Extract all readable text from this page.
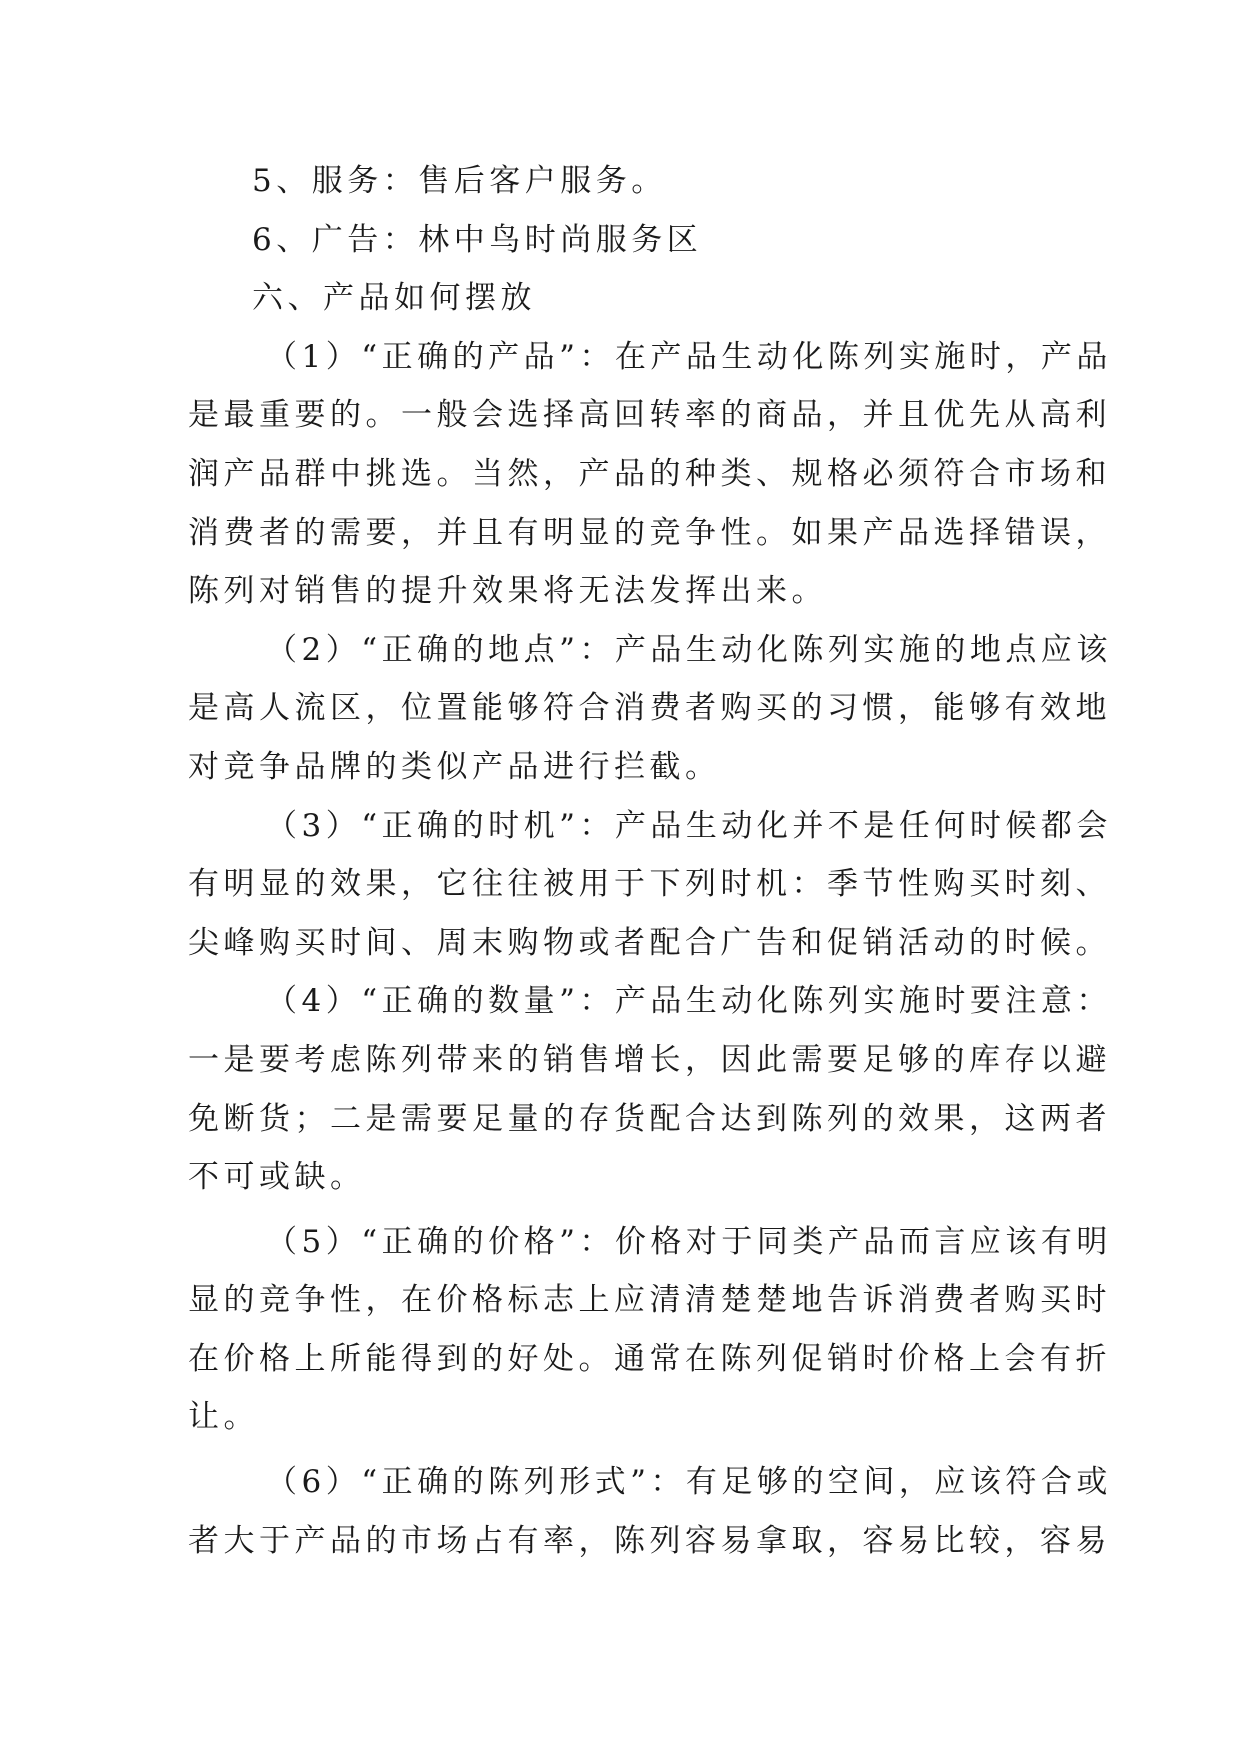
5、服务：售后客户服务。
6、广告：林中鸟时尚服务区
六、产品如何摆放
（1）“正确的产品”：在产品生动化陈列实施时，产品
是最重要的。一般会选择高回转率的商品，并且优先从高利
润产品群中挑选。当然，产品的种类、规格必须符合市场和
消费者的需要，并且有明显的竞争性。如果产品选择错误，
陈列对销售的提升效果将无法发挥出来。
（2）“正确的地点”：产品生动化陈列实施的地点应该
是高人流区，位置能够符合消费者购买的习惯，能够有效地
对竞争品牌的类似产品进行拦截。
（3）“正确的时机”：产品生动化并不是任何时候都会
有明显的效果，它往往被用于下列时机：季节性购买时刻、
尖峰购买时间、周末购物或者配合广告和促销活动的时候。
（4）“正确的数量”：产品生动化陈列实施时要注意：
一是要考虑陈列带来的销售增长，因此需要足够的库存以避
免断货；二是需要足量的存货配合达到陈列的效果，这两者
不可或缺。
（5）“正确的价格”：价格对于同类产品而言应该有明
显的竞争性，在价格标志上应清清楚楚地告诉消费者购买时
在价格上所能得到的好处。通常在陈列促销时价格上会有折
让。
（6）“正确的陈列形式”：有足够的空间，应该符合或
者大于产品的市场占有率，陈列容易拿取，容易比较，容易
